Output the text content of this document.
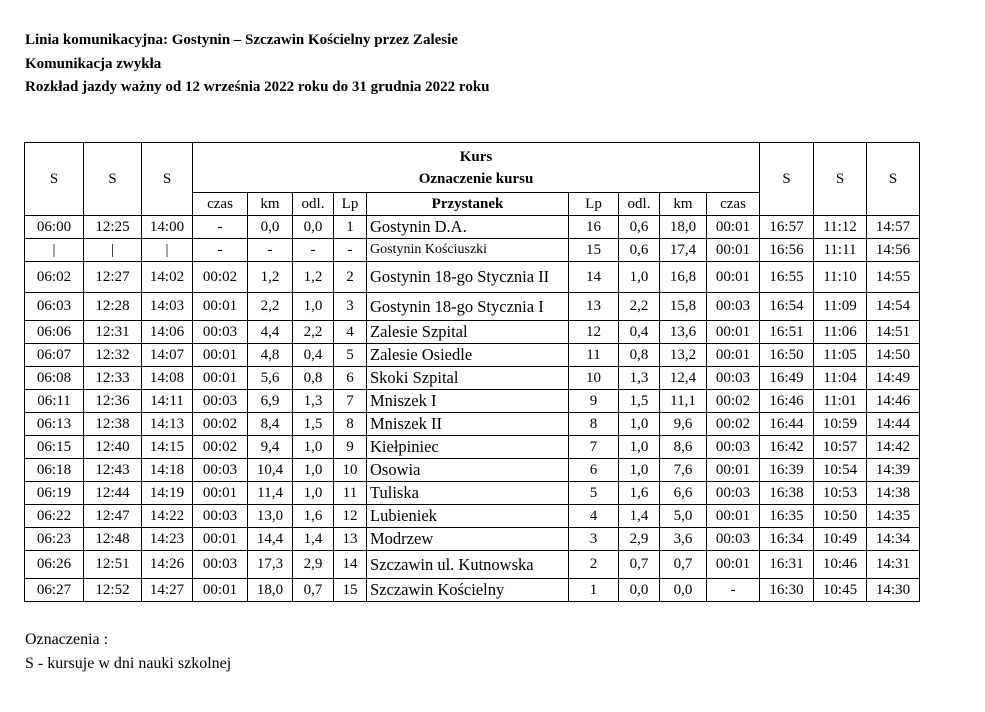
Linia komunikacyjna: Gostynin – Szczawin Kościelny przez Zalesie
Komunikacja zwykła
Rozkład jazdy ważny od 12 września 2022 roku do 31 grudnia 2022 roku
S	S	S	Kurs
Oznaczenie kursu									S	S	S
			czas	km	odl.	Lp	Przystanek	Lp	odl.	km	czas			
06:00	12:25	14:00	-	0,0	0,0	1	Gostynin D.A.	16	0,6	18,0	00:01	16:57	11:12	14:57
|	|	|	-	-	-	-	Gostynin Kościuszki	15	0,6	17,4	00:01	16:56	11:11	14:56
06:02	12:27	14:02	00:02	1,2	1,2	2	Gostynin 18-go Stycznia II	14	1,0	16,8	00:01	16:55	11:10	14:55
06:03	12:28	14:03	00:01	2,2	1,0	3	Gostynin 18-go Stycznia I	13	2,2	15,8	00:03	16:54	11:09	14:54
06:06	12:31	14:06	00:03	4,4	2,2	4	Zalesie Szpital	12	0,4	13,6	00:01	16:51	11:06	14:51
06:07	12:32	14:07	00:01	4,8	0,4	5	Zalesie Osiedle	11	0,8	13,2	00:01	16:50	11:05	14:50
06:08	12:33	14:08	00:01	5,6	0,8	6	Skoki Szpital	10	1,3	12,4	00:03	16:49	11:04	14:49
06:11	12:36	14:11	00:03	6,9	1,3	7	Mniszek I	9	1,5	11,1	00:02	16:46	11:01	14:46
06:13	12:38	14:13	00:02	8,4	1,5	8	Mniszek II	8	1,0	9,6	00:02	16:44	10:59	14:44
06:15	12:40	14:15	00:02	9,4	1,0	9	Kiełpiniec	7	1,0	8,6	00:03	16:42	10:57	14:42
06:18	12:43	14:18	00:03	10,4	1,0	10	Osowia	6	1,0	7,6	00:01	16:39	10:54	14:39
06:19	12:44	14:19	00:01	11,4	1,0	11	Tuliska	5	1,6	6,6	00:03	16:38	10:53	14:38
06:22	12:47	14:22	00:03	13,0	1,6	12	Lubieniek	4	1,4	5,0	00:01	16:35	10:50	14:35
06:23	12:48	14:23	00:01	14,4	1,4	13	Modrzew	3	2,9	3,6	00:03	16:34	10:49	14:34
06:26	12:51	14:26	00:03	17,3	2,9	14	Szczawin ul. Kutnowska	2	0,7	0,7	00:01	16:31	10:46	14:31
06:27	12:52	14:27	00:01	18,0	0,7	15	Szczawin Kościelny	1	0,0	0,0	-	16:30	10:45	14:30
Oznaczenia :
S - kursuje w dni nauki szkolnej
